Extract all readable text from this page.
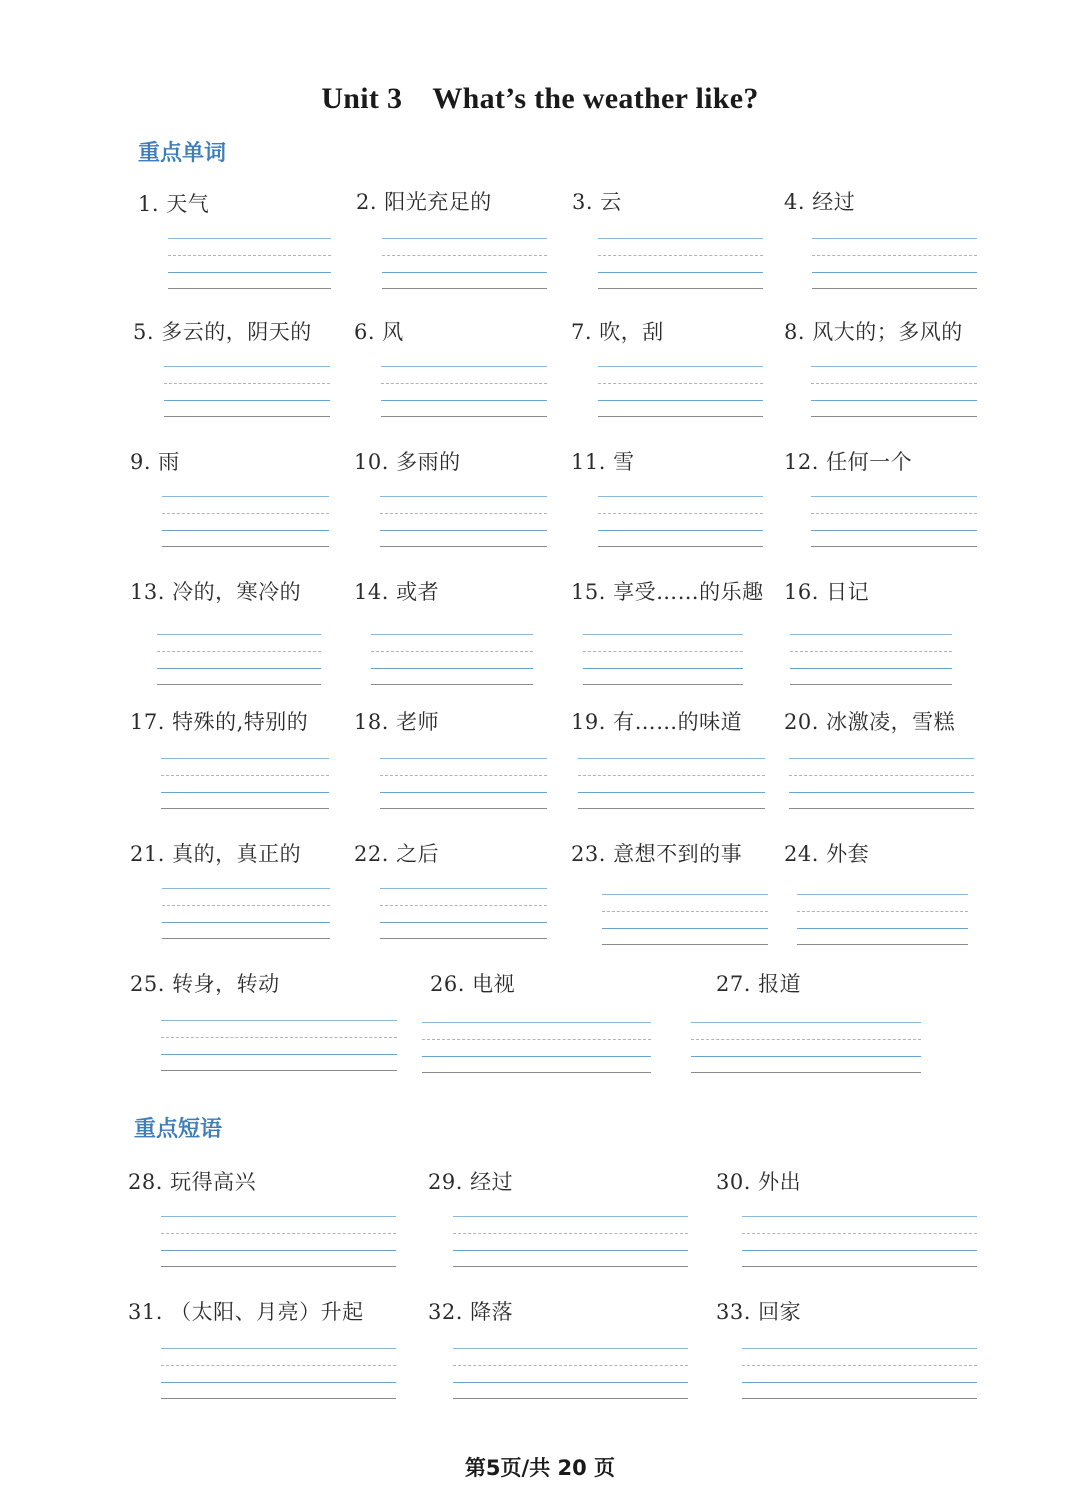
Unit 3 What’s the weather like?
重点单词
重点短语
1. 天气	2. 阳光充足的	3. 云	4. 经过
5. 多云的，阴天的 6. 风	7. 吹，刮	8. 风大的；多风的
9. 雨	10. 多雨的	11. 雪	12. 任何一个
13. 冷的，寒冷的	14. 或者	15. 享受……的乐趣 16. 日记
17. 特殊的,特别的 18. 老师	19. 有……的味道 20. 冰激凌，雪糕
21. 真的，真正的	22. 之后	23. 意想不到的事 24. 外套
25. 转身，转动	26. 电视	27. 报道
28. 玩得高兴	29. 经过	30. 外出
31. （太阳、月亮）升起	32. 降落	33. 回家
第5页/共 20 页
